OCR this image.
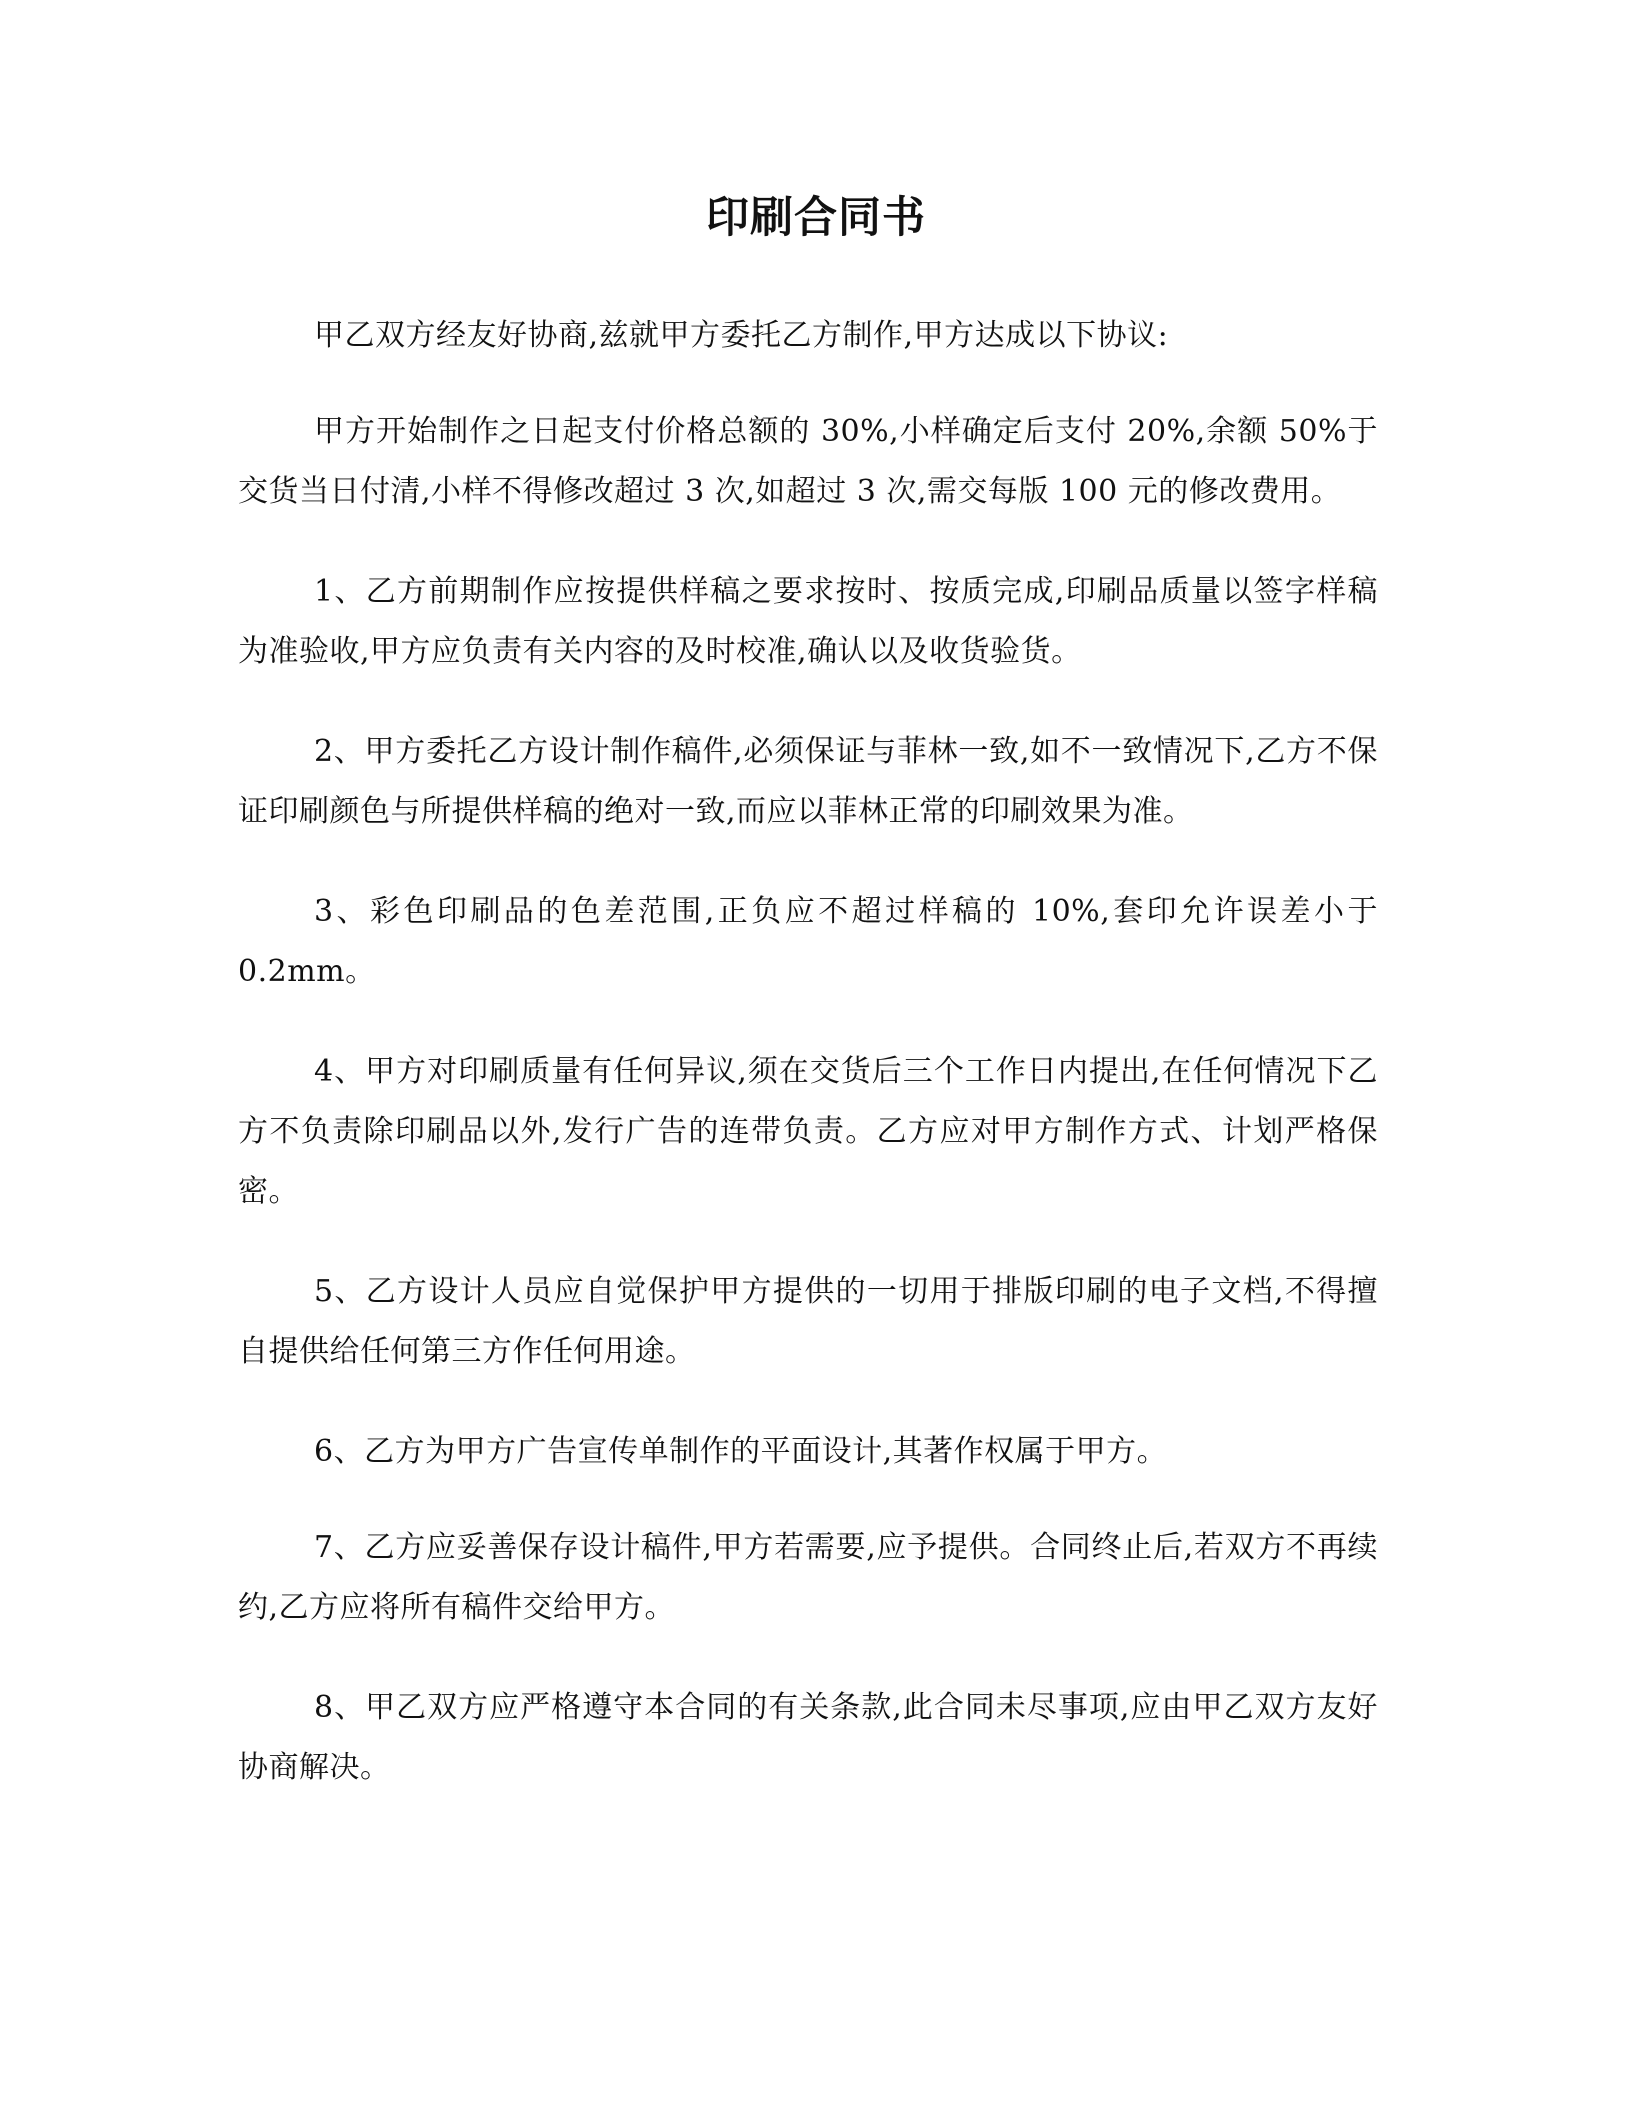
印刷合同书

甲乙双方经友好协商,兹就甲方委托乙方制作,甲方达成以下协议:

甲方开始制作之日起支付价格总额的 30%,小样确定后支付 20%,余额 50%于交货当日付清,小样不得修改超过 3 次,如超过 3 次,需交每版 100 元的修改费用。

1、乙方前期制作应按提供样稿之要求按时、按质完成,印刷品质量以签字样稿为准验收,甲方应负责有关内容的及时校准,确认以及收货验货。

2、甲方委托乙方设计制作稿件,必须保证与菲林一致,如不一致情况下,乙方不保证印刷颜色与所提供样稿的绝对一致,而应以菲林正常的印刷效果为准。

3、彩色印刷品的色差范围,正负应不超过样稿的 10%,套印允许误差小于 0.2mm。

4、甲方对印刷质量有任何异议,须在交货后三个工作日内提出,在任何情况下乙方不负责除印刷品以外,发行广告的连带负责。乙方应对甲方制作方式、计划严格保密。

5、乙方设计人员应自觉保护甲方提供的一切用于排版印刷的电子文档,不得擅自提供给任何第三方作任何用途。

6、乙方为甲方广告宣传单制作的平面设计,其著作权属于甲方。

7、乙方应妥善保存设计稿件,甲方若需要,应予提供。合同终止后,若双方不再续约,乙方应将所有稿件交给甲方。

8、甲乙双方应严格遵守本合同的有关条款,此合同未尽事项,应由甲乙双方友好协商解决。
